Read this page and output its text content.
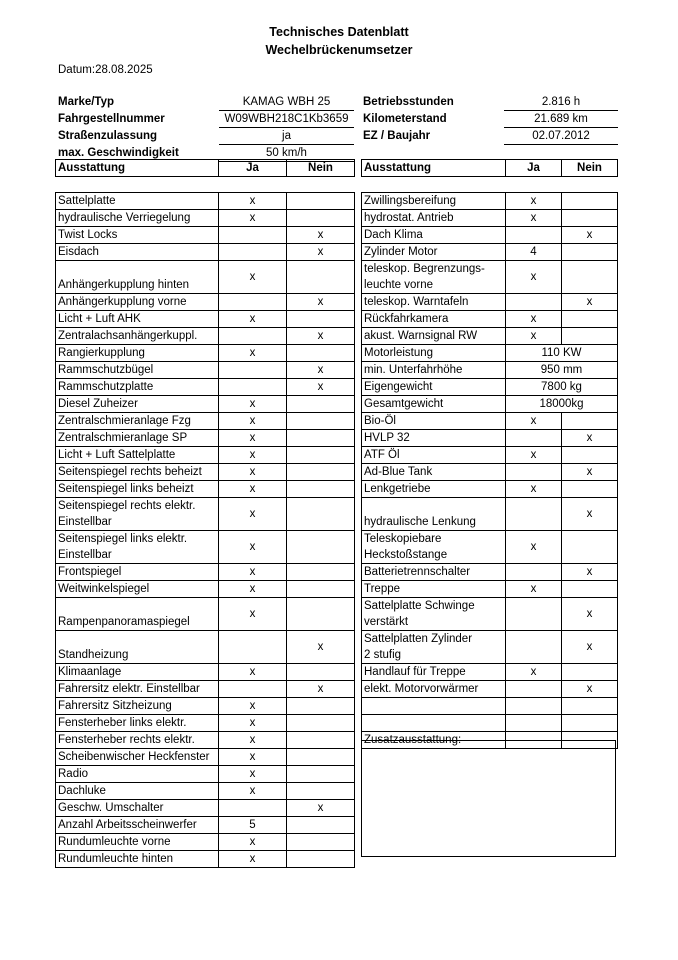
Technisches Datenblatt
Wechelbrückenumsetzer
Datum:28.08.2025
Marke/Typ	KAMAG WBH 25
Fahrgestellnummer	W09WBH218C1Kb3659
Straßenzulassung	ja
max. Geschwindigkeit	50 km/h
Betriebsstunden	2.816 h
Kilometerstand	21.689 km
EZ / Baujahr	02.07.2012
Ausstattung	Ja	Nein	Ausstattung	Ja	Nein
Sattelplatte	x	
hydraulische Verriegelung	x	
Twist Locks		x
Eisdach		x
Anhängerkupplung hinten	x	
Anhängerkupplung vorne		x
Licht + Luft AHK	x	
Zentralachsanhängerkuppl.		x
Rangierkupplung	x	
Rammschutzbügel		x
Rammschutzplatte		x
Diesel Zuheizer	x	
Zentralschmieranlage Fzg	x	
Zentralschmieranlage SP	x	
Licht + Luft Sattelplatte	x	
Seitenspiegel rechts beheizt	x	
Seitenspiegel links beheizt	x	

Seitenspiegel rechts elektr.
Einstellbar	x	

Seitenspiegel links elektr.
Einstellbar	x	
Frontspiegel	x	
Weitwinkelspiegel	x	
Rampenpanoramaspiegel	x	
Standheizung		x
Klimaanlage	x	
Fahrersitz elektr. Einstellbar		x
Fahrersitz Sitzheizung	x	
Fensterheber links elektr.	x	
Fensterheber rechts elektr.	x	
Scheibenwischer Heckfenster	x	
Radio	x	
Dachluke	x	
Geschw. Umschalter		x
Anzahl Arbeitsscheinwerfer	5	
Rundumleuchte vorne	x	
Rundumleuchte hinten	x	
Zwillingsbereifung	x	
hydrostat. Antrieb	x	
Dach Klima		x
Zylinder Motor	4	

teleskop. Begrenzungs-
leuchte vorne	x	
teleskop. Warntafeln		x
Rückfahrkamera	x	
akust. Warnsignal RW	x	
Motorleistung	110 KW	
min. Unterfahrhöhe	950 mm	
Eigengewicht	7800 kg	
Gesamtgewicht	18000kg	
Bio-Öl	x	
HVLP 32		x
ATF Öl	x	
Ad-Blue Tank		x
Lenkgetriebe	x	
hydraulische Lenkung		x

Teleskopiebare
Heckstoßstange	x	
Batterietrennschalter		x
Treppe	x	

Sattelplatte Schwinge
verstärkt		x

Sattelplatten Zylinder
2 stufig		x
Handlauf für Treppe	x	
elekt. Motorvorwärmer		x

Zusatzausstattung:		
